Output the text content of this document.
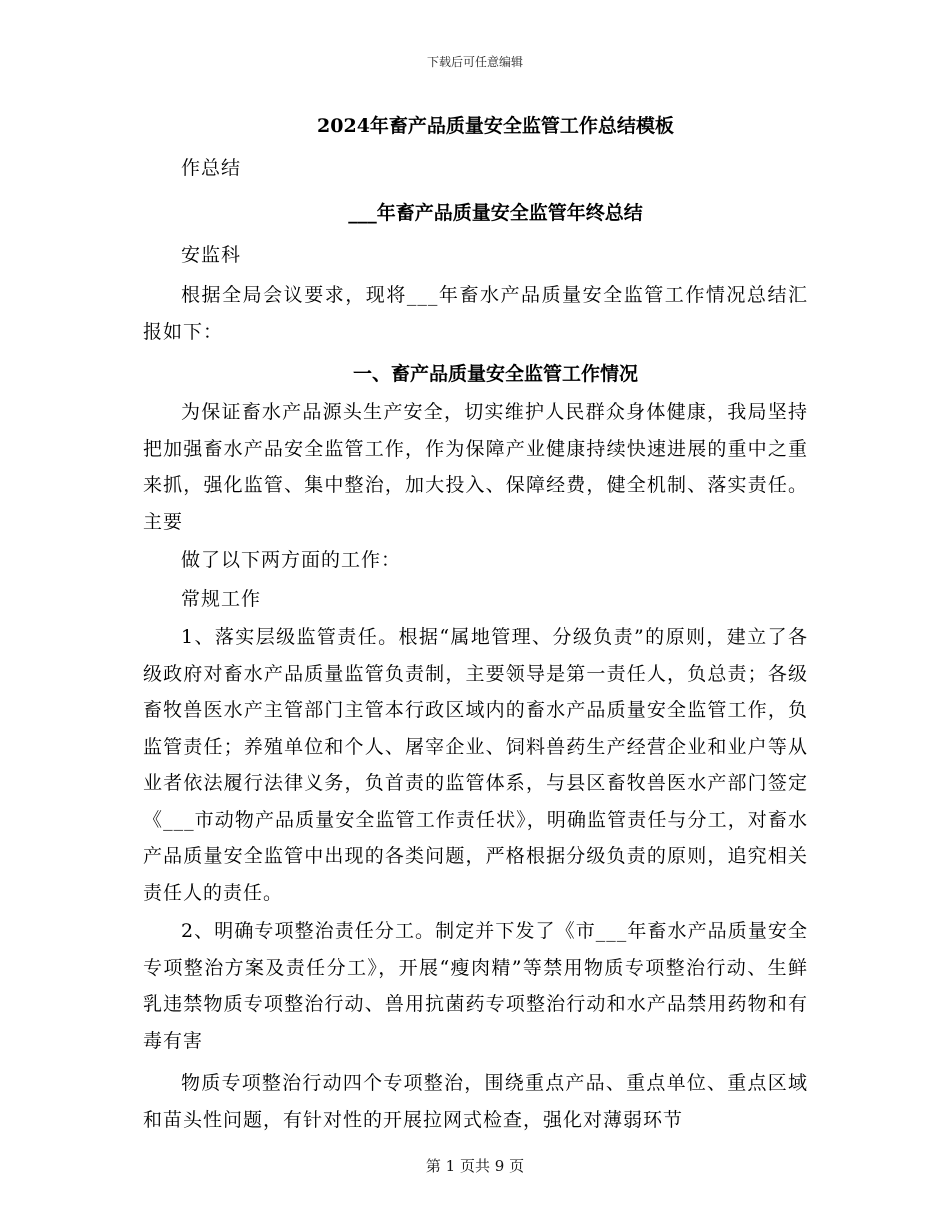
下载后可任意编辑
2024年畜产品质量安全监管工作总结模板

作总结

___年畜产品质量安全监管年终总结

安监科

根据全局会议要求，现将___年畜水产品质量安全监管工作情况总结汇报如下：

一、畜产品质量安全监管工作情况

为保证畜水产品源头生产安全，切实维护人民群众身体健康，我局坚持把加强畜水产品安全监管工作，作为保障产业健康持续快速进展的重中之重来抓，强化监管、集中整治，加大投入、保障经费，健全机制、落实责任。主要

做了以下两方面的工作：

常规工作

1、落实层级监管责任。根据“属地管理、分级负责”的原则，建立了各级政府对畜水产品质量监管负责制，主要领导是第一责任人，负总责；各级畜牧兽医水产主管部门主管本行政区域内的畜水产品质量安全监管工作，负监管责任；养殖单位和个人、屠宰企业、饲料兽药生产经营企业和业户等从业者依法履行法律义务，负首责的监管体系，与县区畜牧兽医水产部门签定《___市动物产品质量安全监管工作责任状》，明确监管责任与分工，对畜水产品质量安全监管中出现的各类问题，严格根据分级负责的原则，追究相关责任人的责任。

2、明确专项整治责任分工。制定并下发了《市___年畜水产品质量安全专项整治方案及责任分工》，开展“瘦肉精”等禁用物质专项整治行动、生鲜乳违禁物质专项整治行动、兽用抗菌药专项整治行动和水产品禁用药物和有毒有害

物质专项整治行动四个专项整治，围绕重点产品、重点单位、重点区域和苗头性问题，有针对性的开展拉网式检查，强化对薄弱环节

第 1 页共 9 页
